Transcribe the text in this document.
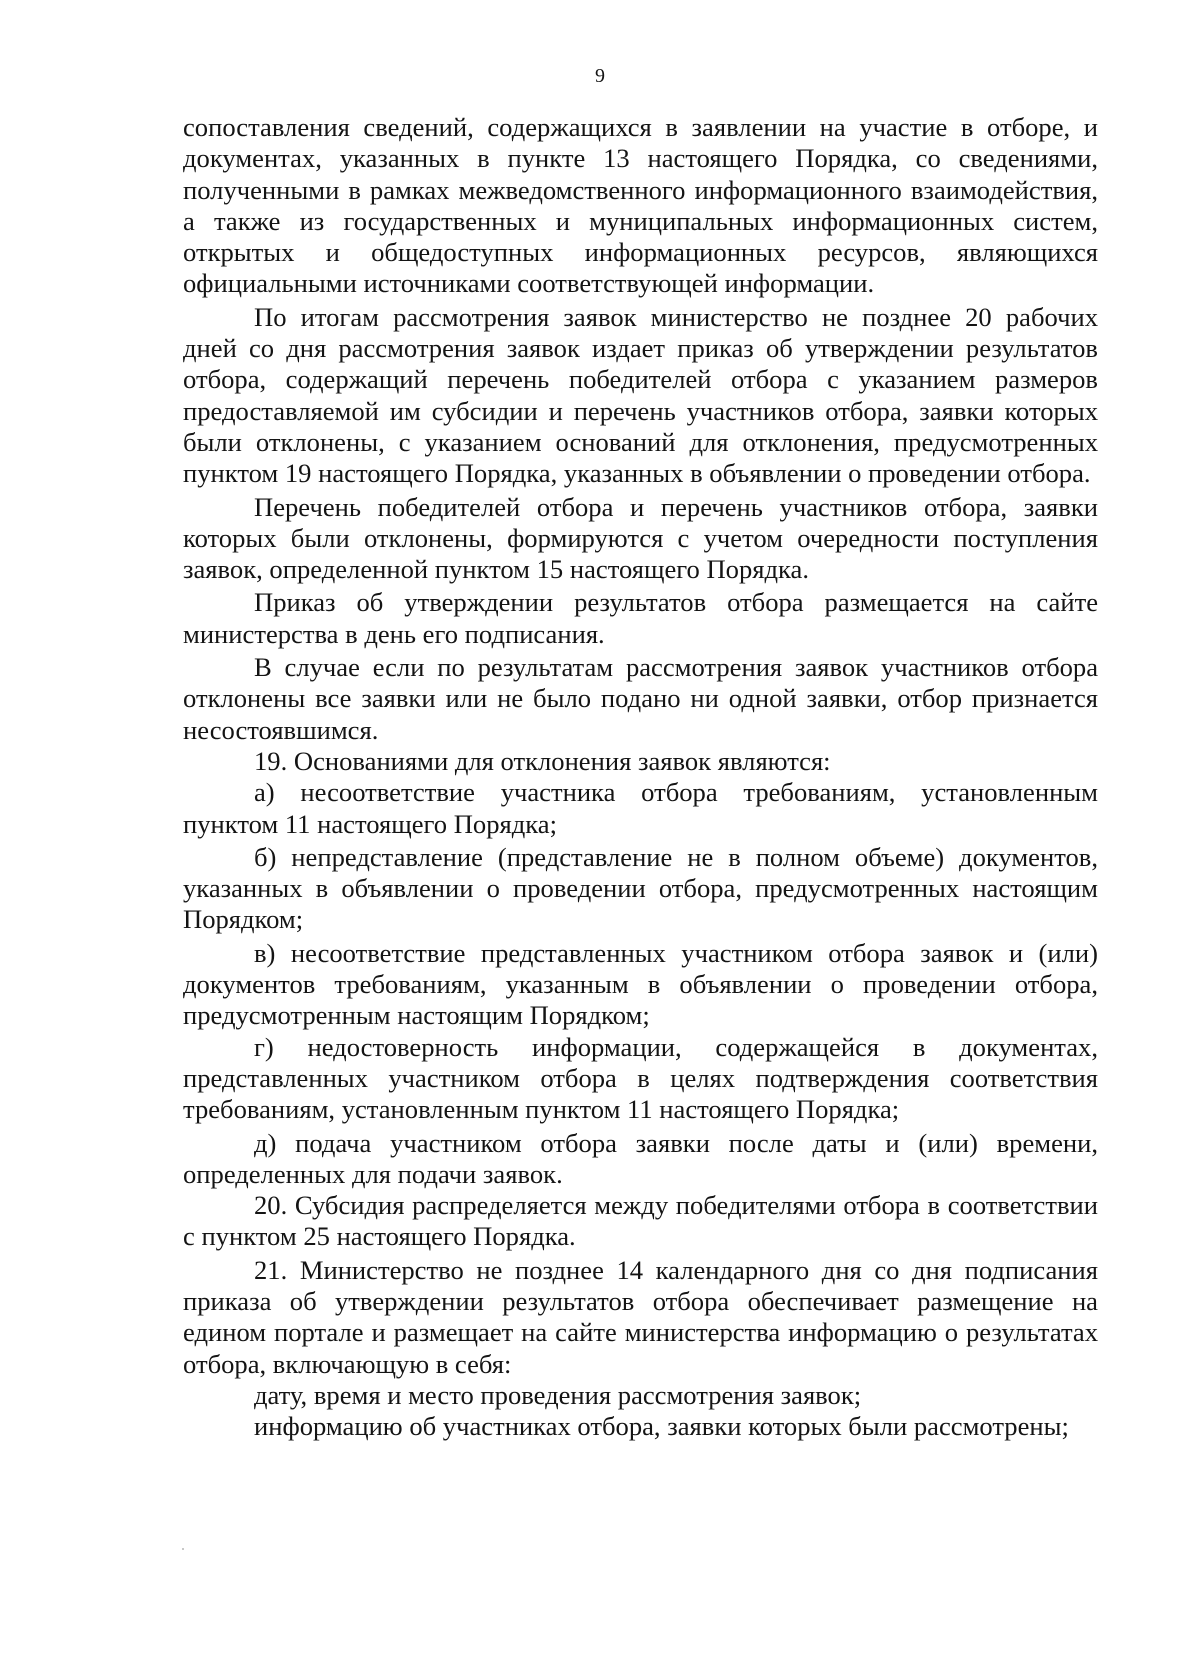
9

сопоставления сведений, содержащихся в заявлении на участие в отборе, и документах, указанных в пункте 13 настоящего Порядка, со сведениями, полученными в рамках межведомственного информационного взаимодействия, а также из государственных и муниципальных информационных систем, открытых и общедоступных информационных ресурсов, являющихся официальными источниками соответствующей информации.

По итогам рассмотрения заявок министерство не позднее 20 рабочих дней со дня рассмотрения заявок издает приказ об утверждении результатов отбора, содержащий перечень победителей отбора с указанием размеров предоставляемой им субсидии и перечень участников отбора, заявки которых были отклонены, с указанием оснований для отклонения, предусмотренных пунктом 19 настоящего Порядка, указанных в объявлении о проведении отбора.

Перечень победителей отбора и перечень участников отбора, заявки которых были отклонены, формируются с учетом очередности поступления заявок, определенной пунктом 15 настоящего Порядка.

Приказ об утверждении результатов отбора размещается на сайте министерства в день его подписания.

В случае если по результатам рассмотрения заявок участников отбора отклонены все заявки или не было подано ни одной заявки, отбор признается несостоявшимся.

19. Основаниями для отклонения заявок являются:

а) несоответствие участника отбора требованиям, установленным пунктом 11 настоящего Порядка;

б) непредставление (представление не в полном объеме) документов, указанных в объявлении о проведении отбора, предусмотренных настоящим Порядком;

в) несоответствие представленных участником отбора заявок и (или) документов требованиям, указанным в объявлении о проведении отбора, предусмотренным настоящим Порядком;

г) недостоверность информации, содержащейся в документах, представленных участником отбора в целях подтверждения соответствия требованиям, установленным пунктом 11 настоящего Порядка;

д) подача участником отбора заявки после даты и (или) времени, определенных для подачи заявок.

20. Субсидия распределяется между победителями отбора в соответствии с пунктом 25 настоящего Порядка.

21. Министерство не позднее 14 календарного дня со дня подписания приказа об утверждении результатов отбора обеспечивает размещение на едином портале и размещает на сайте министерства информацию о результатах отбора, включающую в себя:

дату, время и место проведения рассмотрения заявок;

информацию об участниках отбора, заявки которых были рассмотрены;
